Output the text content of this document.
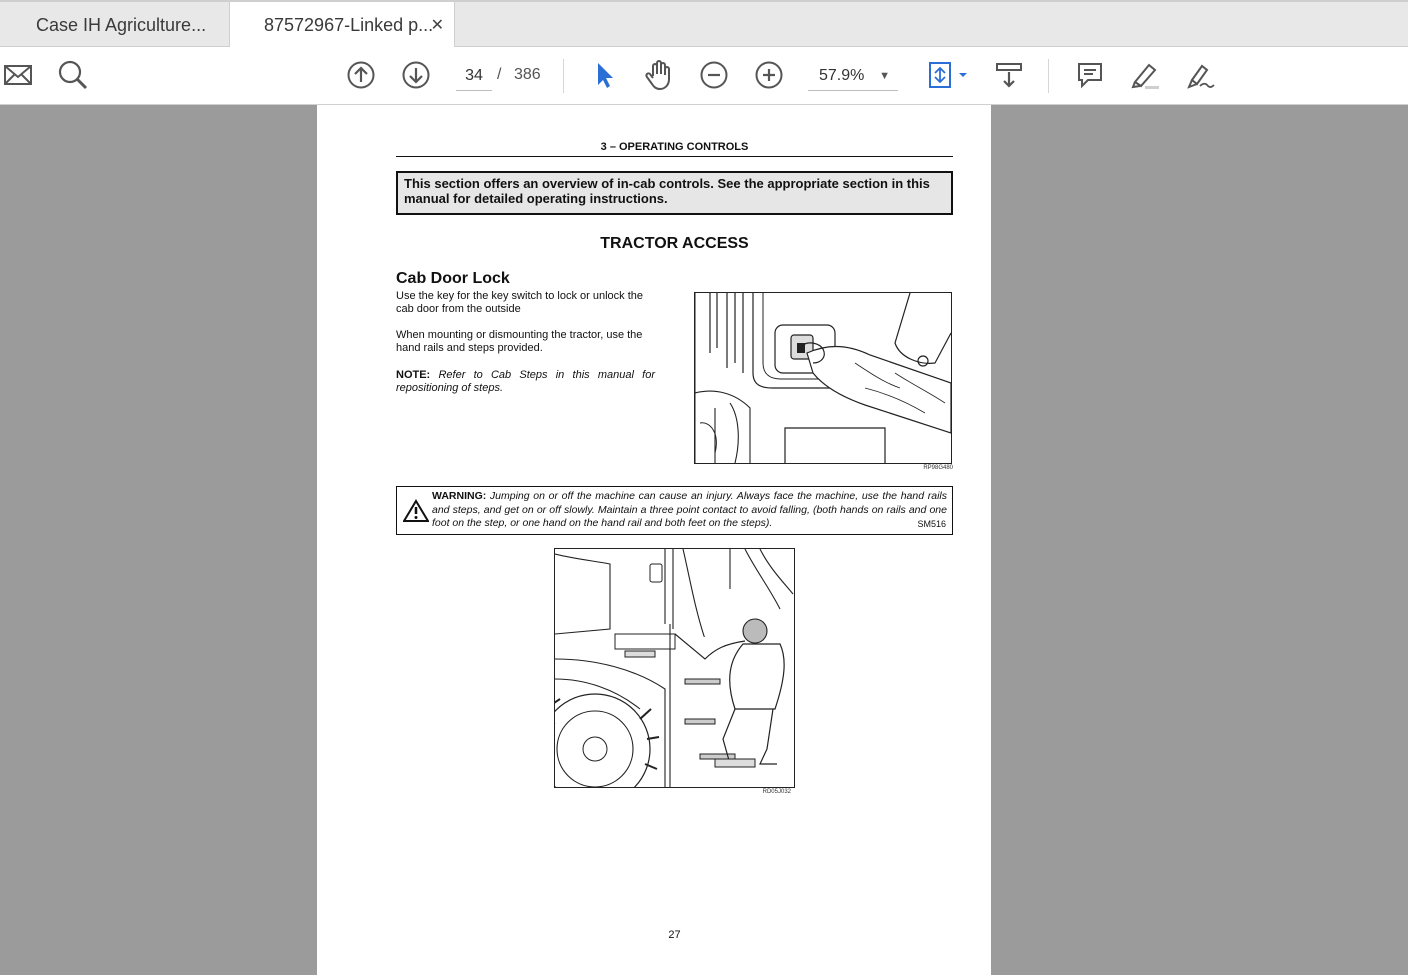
Case IH Agriculture...	87572967-Linked p...
✕
34 / 386	57.9% ▼
3 – OPERATING CONTROLS
This section offers an overview of in-cab controls. See the appropriate section in this manual for detailed operating instructions.
TRACTOR ACCESS
Cab Door Lock
Use the key for the key switch to lock or unlock the cab door from the outside
When mounting or dismounting the tractor, use the hand rails and steps provided.
NOTE: Refer to Cab Steps in this manual for repositioning of steps.
RP98G480
WARNING: Jumping on or off the machine can cause an injury. Always face the machine, use the hand rails and steps, and get on or off slowly. Maintain a three point contact to avoid falling, (both hands on rails and one foot on the step, or one hand on the hand rail and both feet on the steps).	SM516
RD05J032
27
